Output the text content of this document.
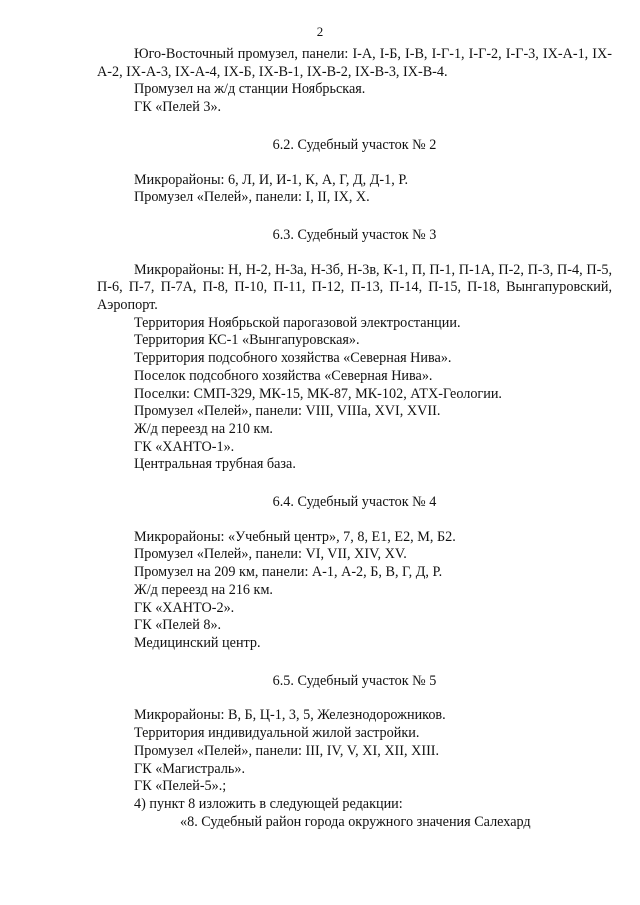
2

Юго-Восточный промузел, панели: I-А, I-Б, I-В, I-Г-1, I-Г-2, I-Г-3, IX-А-1, IX-А-2, IX-А-3, IX-А-4, IX-Б, IX-В-1, IX-В-2, IX-В-3, IX-В-4.

Промузел на ж/д станции Ноябрьская.

ГК «Пелей 3».

6.2. Судебный участок № 2

Микрорайоны: 6, Л, И, И-1, К, А, Г, Д, Д-1, Р.

Промузел «Пелей», панели: I, II, IX, X.

6.3. Судебный участок № 3

Микрорайоны: Н, Н-2, Н-3а, Н-3б, Н-3в, К-1, П, П-1, П-1А, П-2, П-3, П-4, П-5, П-6, П-7, П-7А, П-8, П-10, П-11, П-12, П-13, П-14, П-15, П-18, Вынгапуровский, Аэропорт.

Территория Ноябрьской парогазовой электростанции.

Территория КС-1 «Вынгапуровская».

Территория подсобного хозяйства «Северная Нива».

Поселок подсобного хозяйства «Северная Нива».

Поселки: СМП-329, МК-15, МК-87, МК-102, АТХ-Геологии.

Промузел «Пелей», панели: VIII, VIIIа, XVI, XVII.

Ж/д переезд на 210 км.

ГК «ХАНТО-1».

Центральная трубная база.

6.4. Судебный участок № 4

Микрорайоны: «Учебный центр», 7, 8, Е1, Е2, М, Б2.

Промузел «Пелей», панели: VI, VII, XIV, XV.

Промузел на 209 км, панели: А-1, А-2, Б, В, Г, Д, Р.

Ж/д переезд на 216 км.

ГК «ХАНТО-2».

ГК «Пелей 8».

Медицинский центр.

6.5. Судебный участок № 5

Микрорайоны: В, Б, Ц-1, 3, 5, Железнодорожников.

Территория индивидуальной жилой застройки.

Промузел «Пелей», панели: III, IV, V, XI, XII, XIII.

ГК «Магистраль».

ГК «Пелей-5».;

4) пункт 8 изложить в следующей редакции:

«8. Судебный район города окружного значения Салехард
